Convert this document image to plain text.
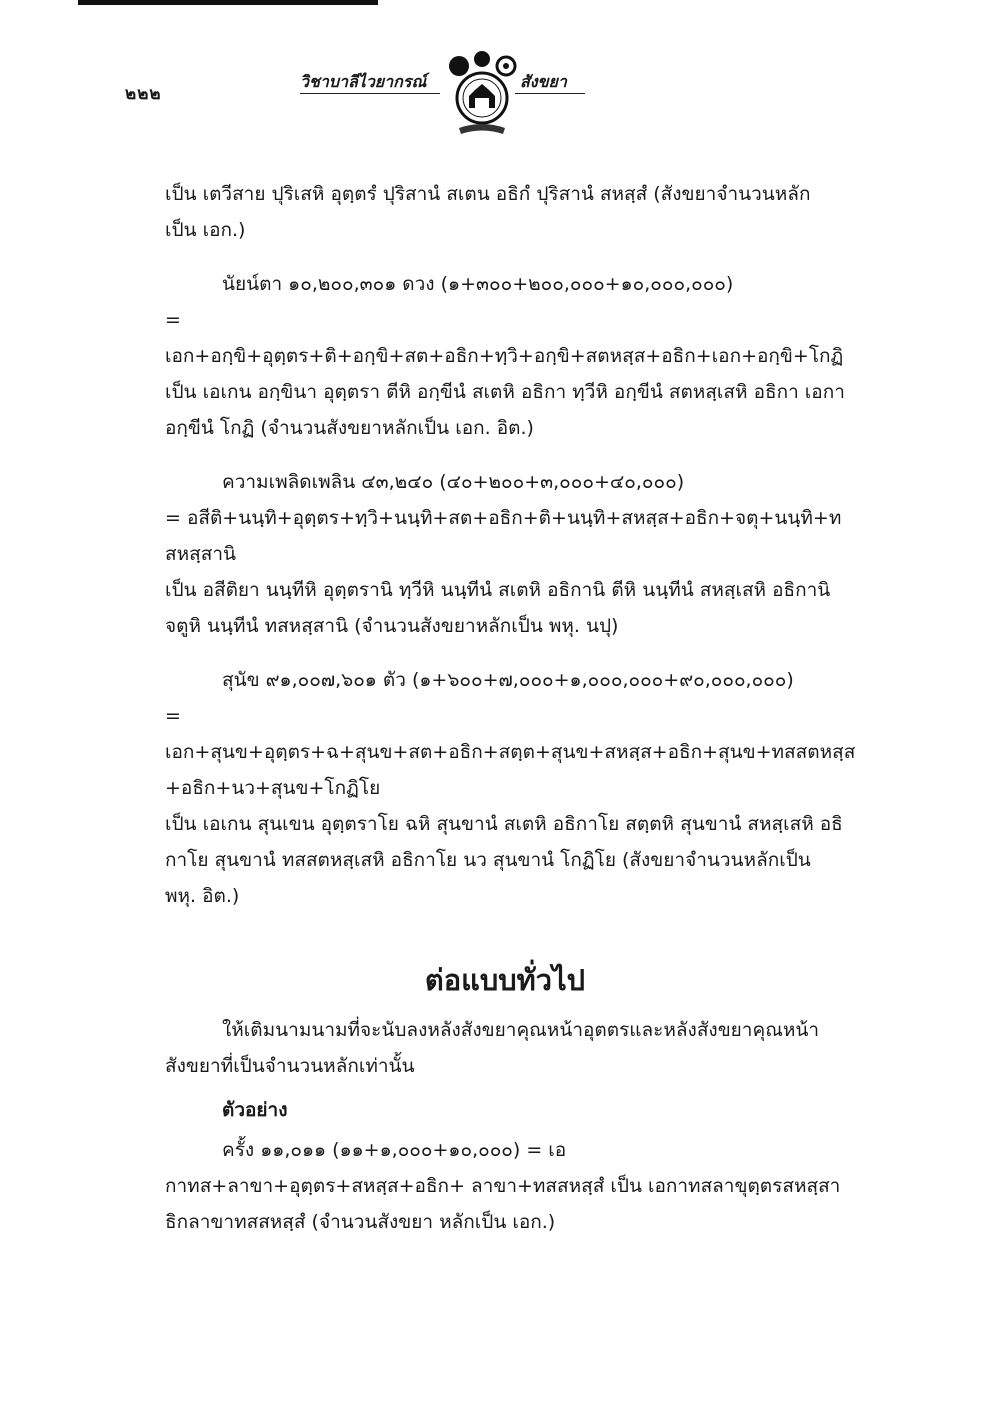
๒๒๒
วิชาบาลีไวยากรณ์	สังขยา

เป็น เตวีสาย ปุริเสหิ อุตฺตรํ ปุริสานํ สเตน อธิกํ ปุริสานํ สหสฺสํ (สังขยาจำนวนหลัก เป็น เอก.)

นัยน์ตา ๑๐,๒๐๐,๓๐๑ ดวง (๑+๓๐๐+๒๐๐,๐๐๐+๑๐,๐๐๐,๐๐๐)

= เอก+อกฺขิ+อุตฺตร+ติ+อกฺขิ+สต+อธิก+ทฺวิ+อกฺขิ+สตหสฺส+อธิก+เอก+อกฺขิ+โกฏิ

เป็น เอเกน อกฺขินา อุตฺตรา ตีหิ อกฺขีนํ สเตหิ อธิกา ทฺวีหิ อกฺขีนํ สตหสฺเสหิ อธิกา เอกา อกฺขีนํ โกฏิ (จำนวนสังขยาหลักเป็น เอก. อิต.)

ความเพลิดเพลิน ๔๓,๒๔๐ (๔๐+๒๐๐+๓,๐๐๐+๔๐,๐๐๐)

= อสีติ+นนฺทิ+อุตฺตร+ทฺวิ+นนฺทิ+สต+อธิก+ติ+นนฺทิ+สหสฺส+อธิก+จตุ+นนฺทิ+ทสหสฺสานิ

เป็น อสีติยา นนฺทีหิ อุตฺตรานิ ทฺวีหิ นนฺทีนํ สเตหิ อธิกานิ ตีหิ นนฺทีนํ สหสฺเสหิ อธิกานิ จตูหิ นนฺทีนํ ทสหสฺสานิ (จำนวนสังขยาหลักเป็น พหุ. นปุ)

สุนัข ๙๑,๐๐๗,๖๐๑ ตัว (๑+๖๐๐+๗,๐๐๐+๑,๐๐๐,๐๐๐+๙๐,๐๐๐,๐๐๐)

= เอก+สุนข+อุตฺตร+ฉ+สุนข+สต+อธิก+สตฺต+สุนข+สหสฺส+อธิก+สุนข+ทสสตหสฺส +อธิก+นว+สุนข+โกฏิโย

เป็น เอเกน สุนเขน อุตฺตราโย ฉหิ สุนขานํ สเตหิ อธิกาโย สตฺตหิ สุนขานํ สหสฺเสหิ อธิกาโย สุนขานํ ทสสตหสฺเสหิ อธิกาโย นว สุนขานํ โกฏิโย (สังขยาจำนวนหลักเป็น พหุ. อิต.)

ต่อแบบทั่วไป

ให้เติมนามนามที่จะนับลงหลังสังขยาคุณหน้าอุตตรและหลังสังขยาคุณหน้า สังขยาที่เป็นจำนวนหลักเท่านั้น

ตัวอย่าง

ครั้ง ๑๑,๐๑๑ (๑๑+๑,๐๐๐+๑๐,๐๐๐) = เอกาทส+ลาขา+อุตฺตร+สหสฺส+อธิก+ ลาขา+ทสสหสฺสํ เป็น เอกาทสลาขุตฺตรสหสฺสาธิกลาขาทสสหสฺสํ (จำนวนสังขยา หลักเป็น เอก.)
